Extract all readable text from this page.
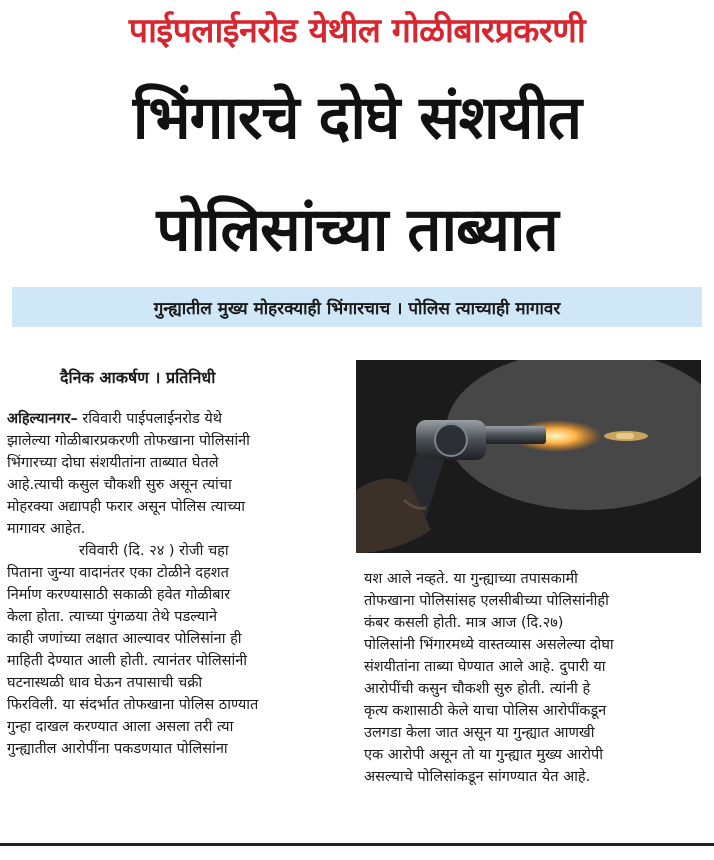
पाईपलाईनरोड येथील गोळीबारप्रकरणी
भिंगारचे दोघे संशयीत
पोलिसांच्या ताब्यात
गुन्ह्यातील मुख्य मोहरक्याही भिंगारचाच । पोलिस त्याच्याही मागावर
दैनिक आकर्षण । प्रतिनिधी

अहिल्यानगर– रविवारी पाईपलाईनरोड येथे

झालेल्या गोळीबारप्रकरणी तोफखाना पोलिसांनी

भिंगारच्या दोघा संशयीतांना ताब्यात घेतले

आहे.त्याची कसुल चौकशी सुरु असून त्यांचा

मोहरक्या अद्यापही फरार असून पोलिस त्याच्या

मागावर आहेत.

रविवारी (दि. २४ ) रोजी चहा

पिताना जुन्या वादानंतर एका टोळीने दहशत

निर्माण करण्यासाठी सकाळी हवेत गोळीबार

केला होता. त्याच्या पुंगळया तेथे पडल्याने

काही जणांच्या लक्षात आल्यावर पोलिसांना ही

माहिती देण्यात आली होती. त्यानंतर पोलिसांनी

घटनास्थळी धाव घेऊन तपासाची चक्री

फिरविली. या संदर्भात तोफखाना पोलिस ठाण्यात

गुन्हा दाखल करण्यात आला असला तरी त्या

गुन्ह्यातील आरोपींना पकडणयात पोलिसांना

यश आले नव्हते. या गुन्ह्याच्या तपासकामी

तोफखाना पोलिसांसह एलसीबीच्या पोलिसांनीही

कंबर कसली होती. मात्र आज (दि.२७)

पोलिसांनी भिंगारमध्ये वास्तव्यास असलेल्या दोघा

संशयीतांना ताब्या घेण्यात आले आहे. दुपारी या

आरोपींची कसुन चौकशी सुरु होती. त्यांनी हे

कृत्य कशासाठी केले याचा पोलिस आरोपींकडून

उलगडा केला जात असून या गुन्ह्यात आणखी

एक आरोपी असून तो या गुन्ह्यात मुख्य आरोपी

असल्याचे पोलिसांकडून सांगण्यात येत आहे.
